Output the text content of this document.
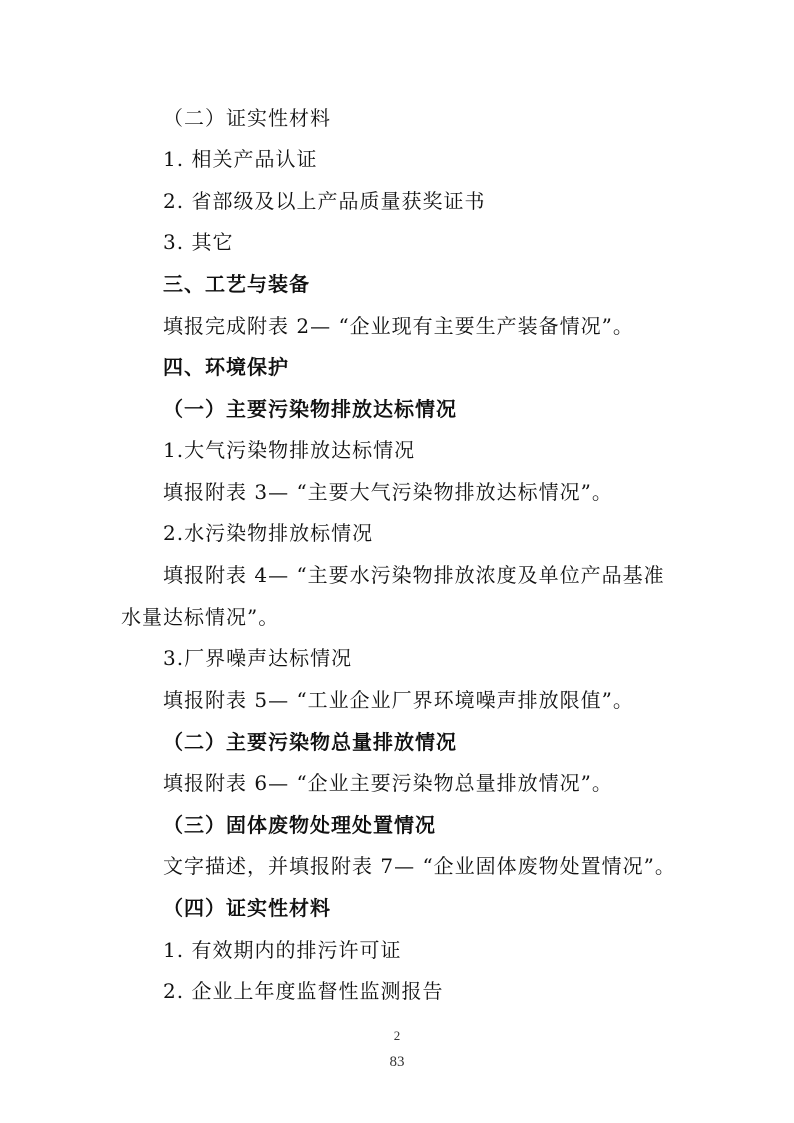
（二）证实性材料
1. 相关产品认证
2. 省部级及以上产品质量获奖证书
3. 其它
三、工艺与装备
填报完成附表 2— “企业现有主要生产装备情况”。
四、环境保护
（一）主要污染物排放达标情况
1.大气污染物排放达标情况
填报附表 3— “主要大气污染物排放达标情况”。
2.水污染物排放标情况
填报附表 4— “主要水污染物排放浓度及单位产品基准
水量达标情况”。
3.厂界噪声达标情况
填报附表 5— “工业企业厂界环境噪声排放限值”。
（二）主要污染物总量排放情况
填报附表 6— “企业主要污染物总量排放情况”。
（三）固体废物处理处置情况
文字描述，并填报附表 7— “企业固体废物处置情况”。
（四）证实性材料
1. 有效期内的排污许可证
2. 企业上年度监督性监测报告
2
83
